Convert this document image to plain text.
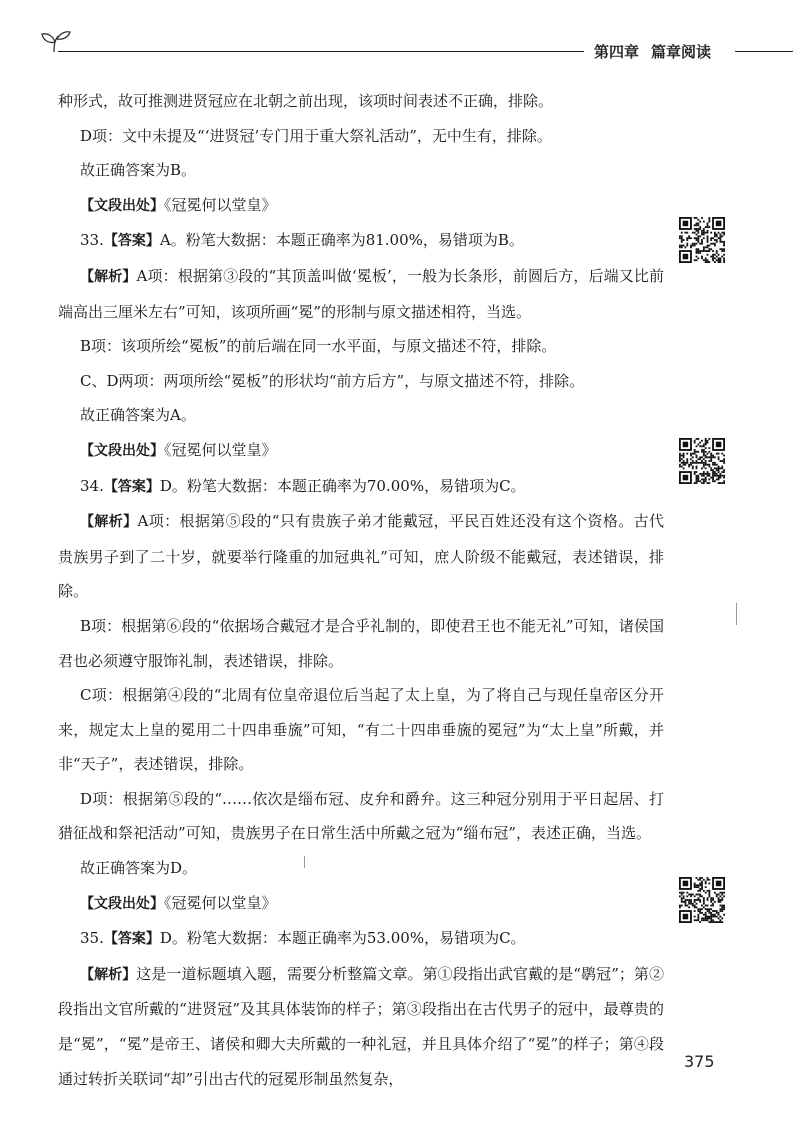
第四章 篇章阅读

种形式，故可推测进贤冠应在北朝之前出现，该项时间表述不正确，排除。

D项：文中未提及“‘进贤冠’专门用于重大祭礼活动”，无中生有，排除。

故正确答案为B。

【文段出处】《冠冕何以堂皇》

33.【答案】A。粉笔大数据：本题正确率为81.00%，易错项为B。

【解析】A项：根据第③段的“其顶盖叫做‘冕板’，一般为长条形，前圆后方，后端又比前端高出三厘米左右”可知，该项所画“冕”的形制与原文描述相符，当选。

B项：该项所绘“冕板”的前后端在同一水平面，与原文描述不符，排除。

C、D两项：两项所绘“冕板”的形状均“前方后方”，与原文描述不符，排除。

故正确答案为A。

【文段出处】《冠冕何以堂皇》

34.【答案】D。粉笔大数据：本题正确率为70.00%，易错项为C。

【解析】A项：根据第⑤段的“只有贵族子弟才能戴冠，平民百姓还没有这个资格。古代贵族男子到了二十岁，就要举行隆重的加冠典礼”可知，庶人阶级不能戴冠，表述错误，排除。

B项：根据第⑥段的“依据场合戴冠才是合乎礼制的，即使君王也不能无礼”可知，诸侯国君也必须遵守服饰礼制，表述错误，排除。

C项：根据第④段的“北周有位皇帝退位后当起了太上皇，为了将自己与现任皇帝区分开来，规定太上皇的冕用二十四串垂旒”可知，“有二十四串垂旒的冕冠”为“太上皇”所戴，并非“天子”，表述错误，排除。

D项：根据第⑤段的“……依次是缁布冠、皮弁和爵弁。这三种冠分别用于平日起居、打猎征战和祭祀活动”可知，贵族男子在日常生活中所戴之冠为“缁布冠”，表述正确，当选。

故正确答案为D。

【文段出处】《冠冕何以堂皇》

35.【答案】D。粉笔大数据：本题正确率为53.00%，易错项为C。

【解析】这是一道标题填入题，需要分析整篇文章。第①段指出武官戴的是“鹖冠”；第②段指出文官所戴的“进贤冠”及其具体装饰的样子；第③段指出在古代男子的冠中，最尊贵的是“冕”，“冕”是帝王、诸侯和卿大夫所戴的一种礼冠，并且具体介绍了“冕”的样子；第④段通过转折关联词“却”引出古代的冠冕形制虽然复杂，

375
